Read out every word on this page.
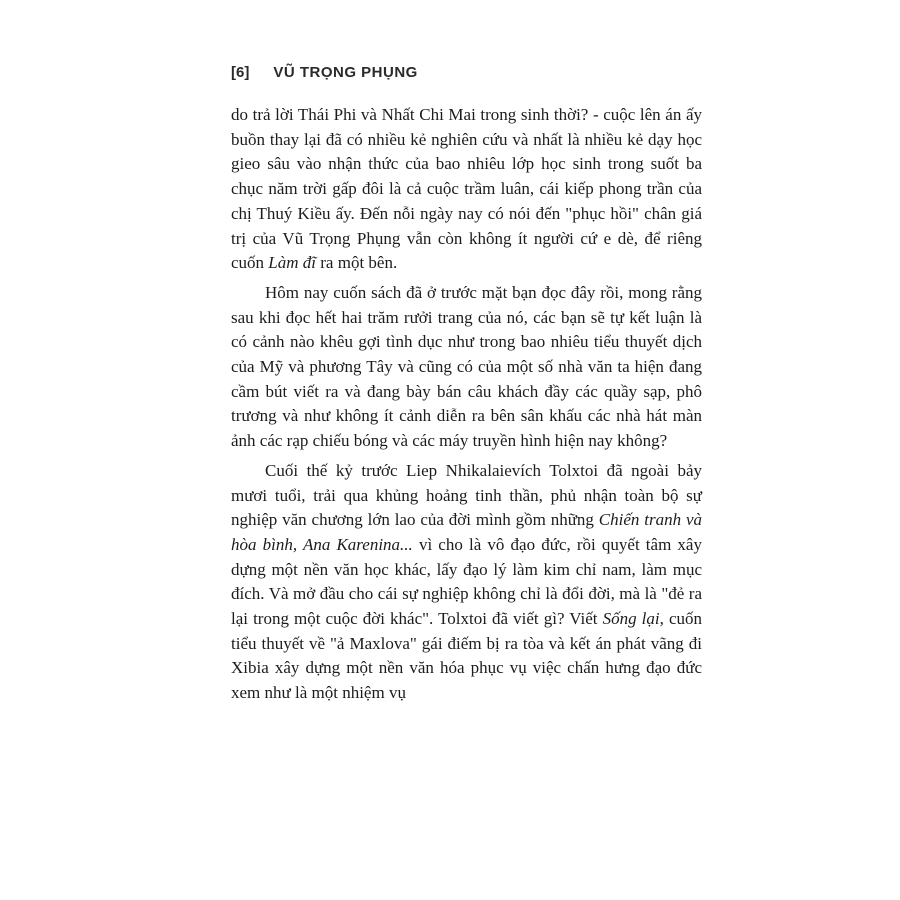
[6] VŨ TRỌNG PHỤNG

do trả lời Thái Phi và Nhất Chi Mai trong sinh thời? - cuộc lên án ấy buồn thay lại đã có nhiều kẻ nghiên cứu và nhất là nhiều kẻ dạy học gieo sâu vào nhận thức của bao nhiêu lớp học sinh trong suốt ba chục năm trời gấp đôi là cả cuộc trầm luân, cái kiếp phong trần của chị Thuý Kiều ấy. Đến nỗi ngày nay có nói đến "phục hồi" chân giá trị của Vũ Trọng Phụng vẫn còn không ít người cứ e dè, để riêng cuốn Làm đĩ ra một bên.

Hôm nay cuốn sách đã ở trước mặt bạn đọc đây rồi, mong rằng sau khi đọc hết hai trăm rưởi trang của nó, các bạn sẽ tự kết luận là có cảnh nào khêu gợi tình dục như trong bao nhiêu tiểu thuyết dịch của Mỹ và phương Tây và cũng có của một số nhà văn ta hiện đang cầm bút viết ra và đang bày bán câu khách đầy các quầy sạp, phô trương và như không ít cảnh diễn ra bên sân khấu các nhà hát màn ảnh các rạp chiếu bóng và các máy truyền hình hiện nay không?

Cuối thế kỷ trước Liep Nhikalaievích Tolxtoi đã ngoài bảy mươi tuổi, trải qua khủng hoảng tinh thần, phủ nhận toàn bộ sự nghiệp văn chương lớn lao của đời mình gồm những Chiến tranh và hòa bình, Ana Karenina... vì cho là vô đạo đức, rồi quyết tâm xây dựng một nền văn học khác, lấy đạo lý làm kim chỉ nam, làm mục đích. Và mở đầu cho cái sự nghiệp không chỉ là đổi đời, mà là "đẻ ra lại trong một cuộc đời khác". Tolxtoi đã viết gì? Viết Sống lại, cuốn tiểu thuyết về "ả Maxlova" gái điếm bị ra tòa và kết án phát vãng đi Xibia xây dựng một nền văn hóa phục vụ việc chấn hưng đạo đức xem như là một nhiệm vụ
